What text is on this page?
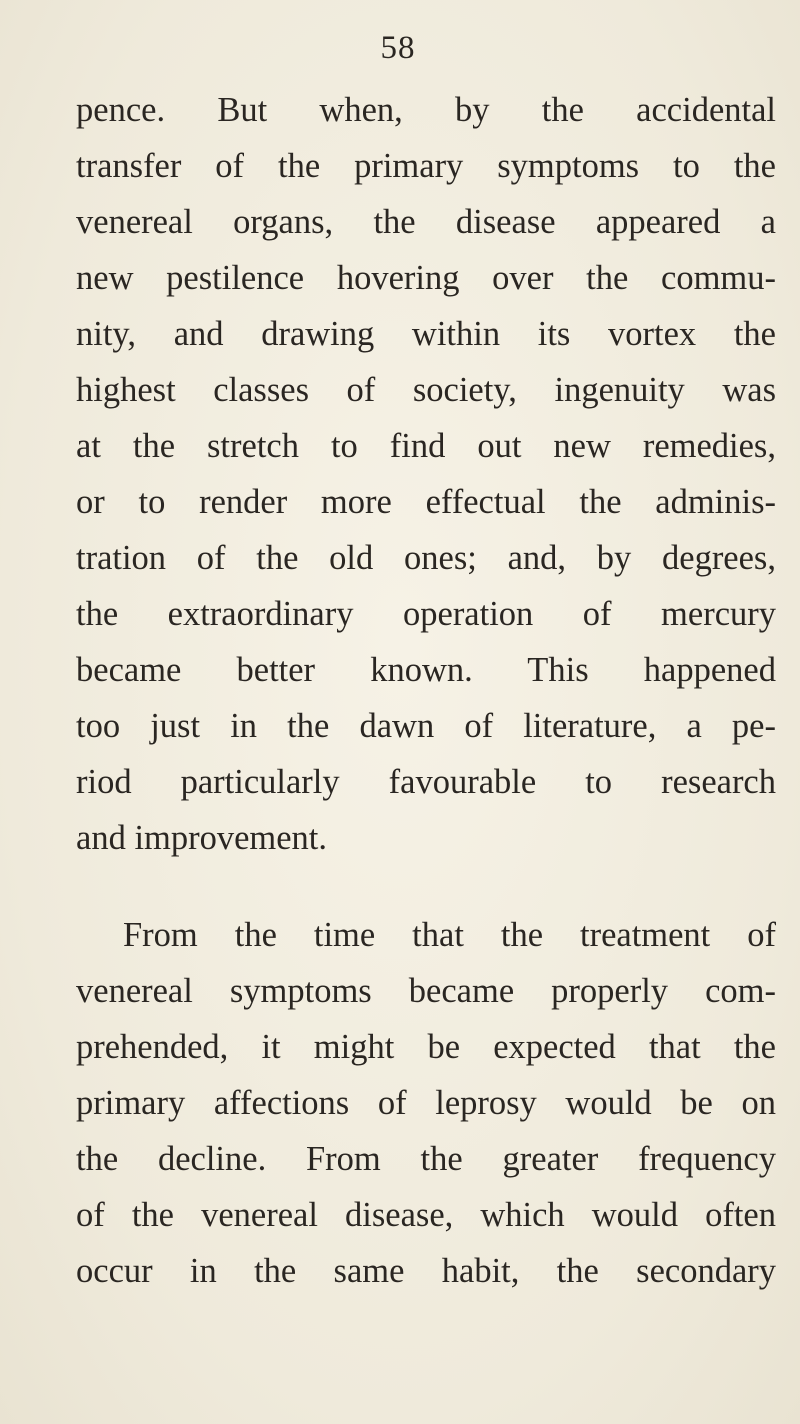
58
pence. But when, by the accidental
transfer of the primary symptoms to the
venereal organs, the disease appeared a
new pestilence hovering over the commu-
nity, and drawing within its vortex the
highest classes of society, ingenuity was
at the stretch to find out new remedies,
or to render more effectual the adminis-
tration of the old ones; and, by degrees,
the extraordinary operation of mercury
became better known. This happened
too just in the dawn of literature, a pe-
riod particularly favourable to research
and improvement.
From the time that the treatment of
venereal symptoms became properly com-
prehended, it might be expected that the
primary affections of leprosy would be on
the decline. From the greater frequency
of the venereal disease, which would often
occur in the same habit, the secondary
